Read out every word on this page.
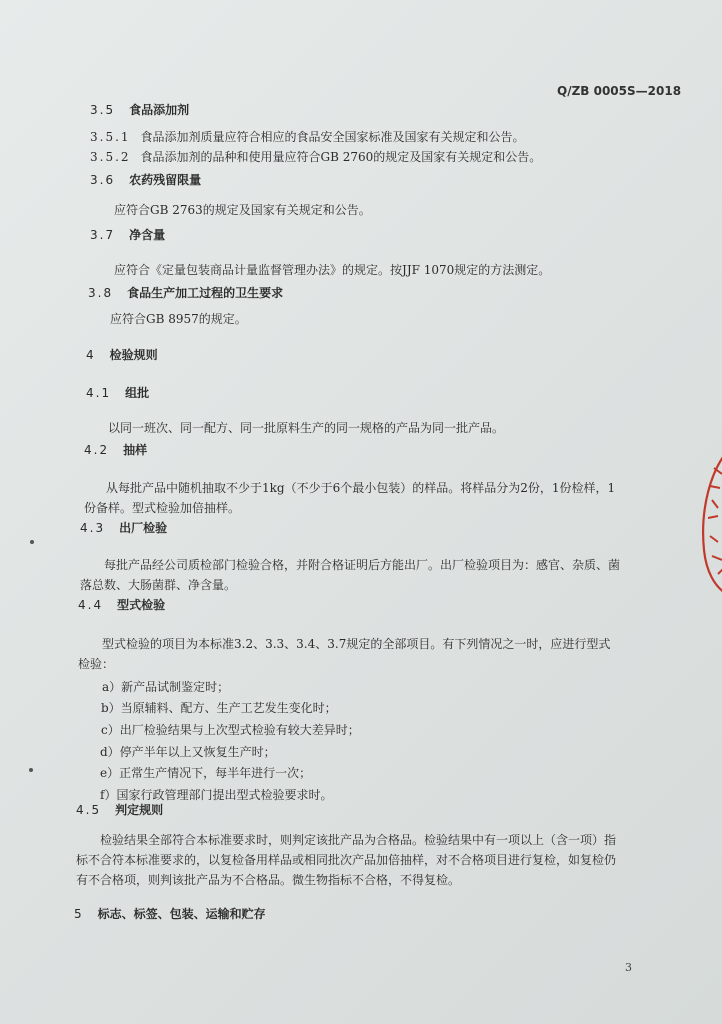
Q/ZB 0005S—2018
3.5 食品添加剂
3.5.1 食品添加剂质量应符合相应的食品安全国家标准及国家有关规定和公告。
3.5.2 食品添加剂的品种和使用量应符合GB 2760的规定及国家有关规定和公告。
3.6 农药残留限量
应符合GB 2763的规定及国家有关规定和公告。
3.7 净含量
应符合《定量包装商品计量监督管理办法》的规定。按JJF 1070规定的方法测定。
3.8 食品生产加工过程的卫生要求
应符合GB 8957的规定。
4 检验规则
4.1 组批
以同一班次、同一配方、同一批原料生产的同一规格的产品为同一批产品。
4.2 抽样
从每批产品中随机抽取不少于1kg（不少于6个最小包装）的样品。将样品分为2份，1份检样，1
份备样。型式检验加倍抽样。
4.3 出厂检验
每批产品经公司质检部门检验合格，并附合格证明后方能出厂。出厂检验项目为：感官、杂质、菌
落总数、大肠菌群、净含量。
4.4 型式检验
型式检验的项目为本标准3.2、3.3、3.4、3.7规定的全部项目。有下列情况之一时，应进行型式
检验：
a）新产品试制鉴定时；
b）当原辅料、配方、生产工艺发生变化时；
c）出厂检验结果与上次型式检验有较大差异时；
d）停产半年以上又恢复生产时；
e）正常生产情况下，每半年进行一次；
f）国家行政管理部门提出型式检验要求时。
4.5 判定规则
检验结果全部符合本标准要求时，则判定该批产品为合格品。检验结果中有一项以上（含一项）指
标不合符本标准要求的，以复检备用样品或相同批次产品加倍抽样，对不合格项目进行复检，如复检仍
有不合格项，则判该批产品为不合格品。微生物指标不合格，不得复检。
5 标志、标签、包装、运输和贮存
3
